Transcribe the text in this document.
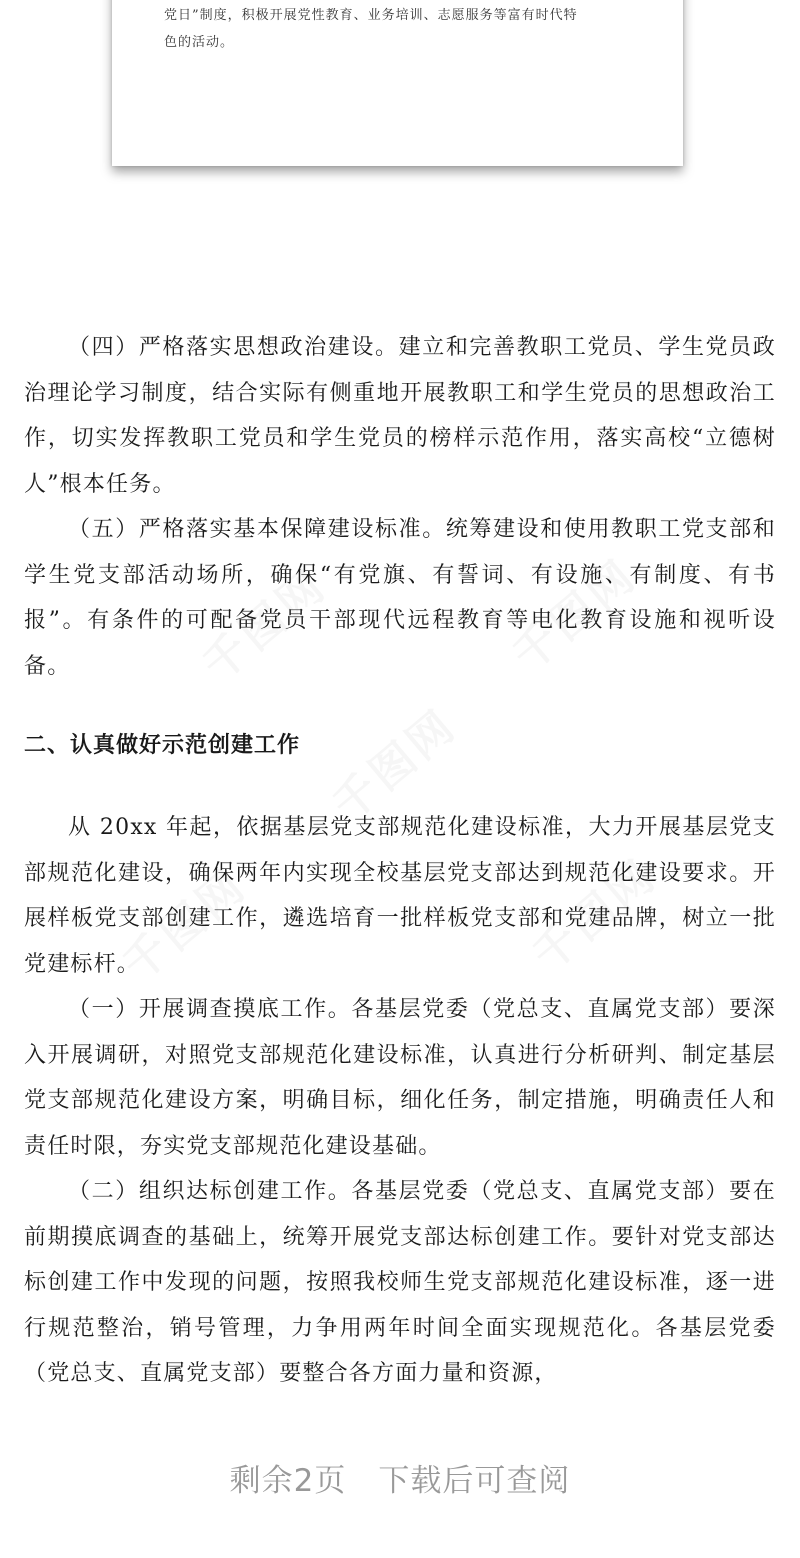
党日”制度，积极开展党性教育、业务培训、志愿服务等富有时代特
色的活动。
千图网	千图网
千图网
千图网	千图网

（四）严格落实思想政治建设。建立和完善教职工党员、学生党员政治理论学习制度，结合实际有侧重地开展教职工和学生党员的思想政治工作，切实发挥教职工党员和学生党员的榜样示范作用，落实高校“立德树人”根本任务。

（五）严格落实基本保障建设标准。统筹建设和使用教职工党支部和学生党支部活动场所，确保“有党旗、有誓词、有设施、有制度、有书报”。有条件的可配备党员干部现代远程教育等电化教育设施和视听设备。

二、认真做好示范创建工作

从 20xx 年起，依据基层党支部规范化建设标准，大力开展基层党支部规范化建设，确保两年内实现全校基层党支部达到规范化建设要求。开展样板党支部创建工作，遴选培育一批样板党支部和党建品牌，树立一批党建标杆。

（一）开展调查摸底工作。各基层党委（党总支、直属党支部）要深入开展调研，对照党支部规范化建设标准，认真进行分析研判、制定基层党支部规范化建设方案，明确目标，细化任务，制定措施，明确责任人和责任时限，夯实党支部规范化建设基础。

（二）组织达标创建工作。各基层党委（党总支、直属党支部）要在前期摸底调查的基础上，统筹开展党支部达标创建工作。要针对党支部达标创建工作中发现的问题，按照我校师生党支部规范化建设标准，逐一进行规范整治，销号管理，力争用两年时间全面实现规范化。各基层党委（党总支、直属党支部）要整合各方面力量和资源，

剩余2页　下载后可查阅
